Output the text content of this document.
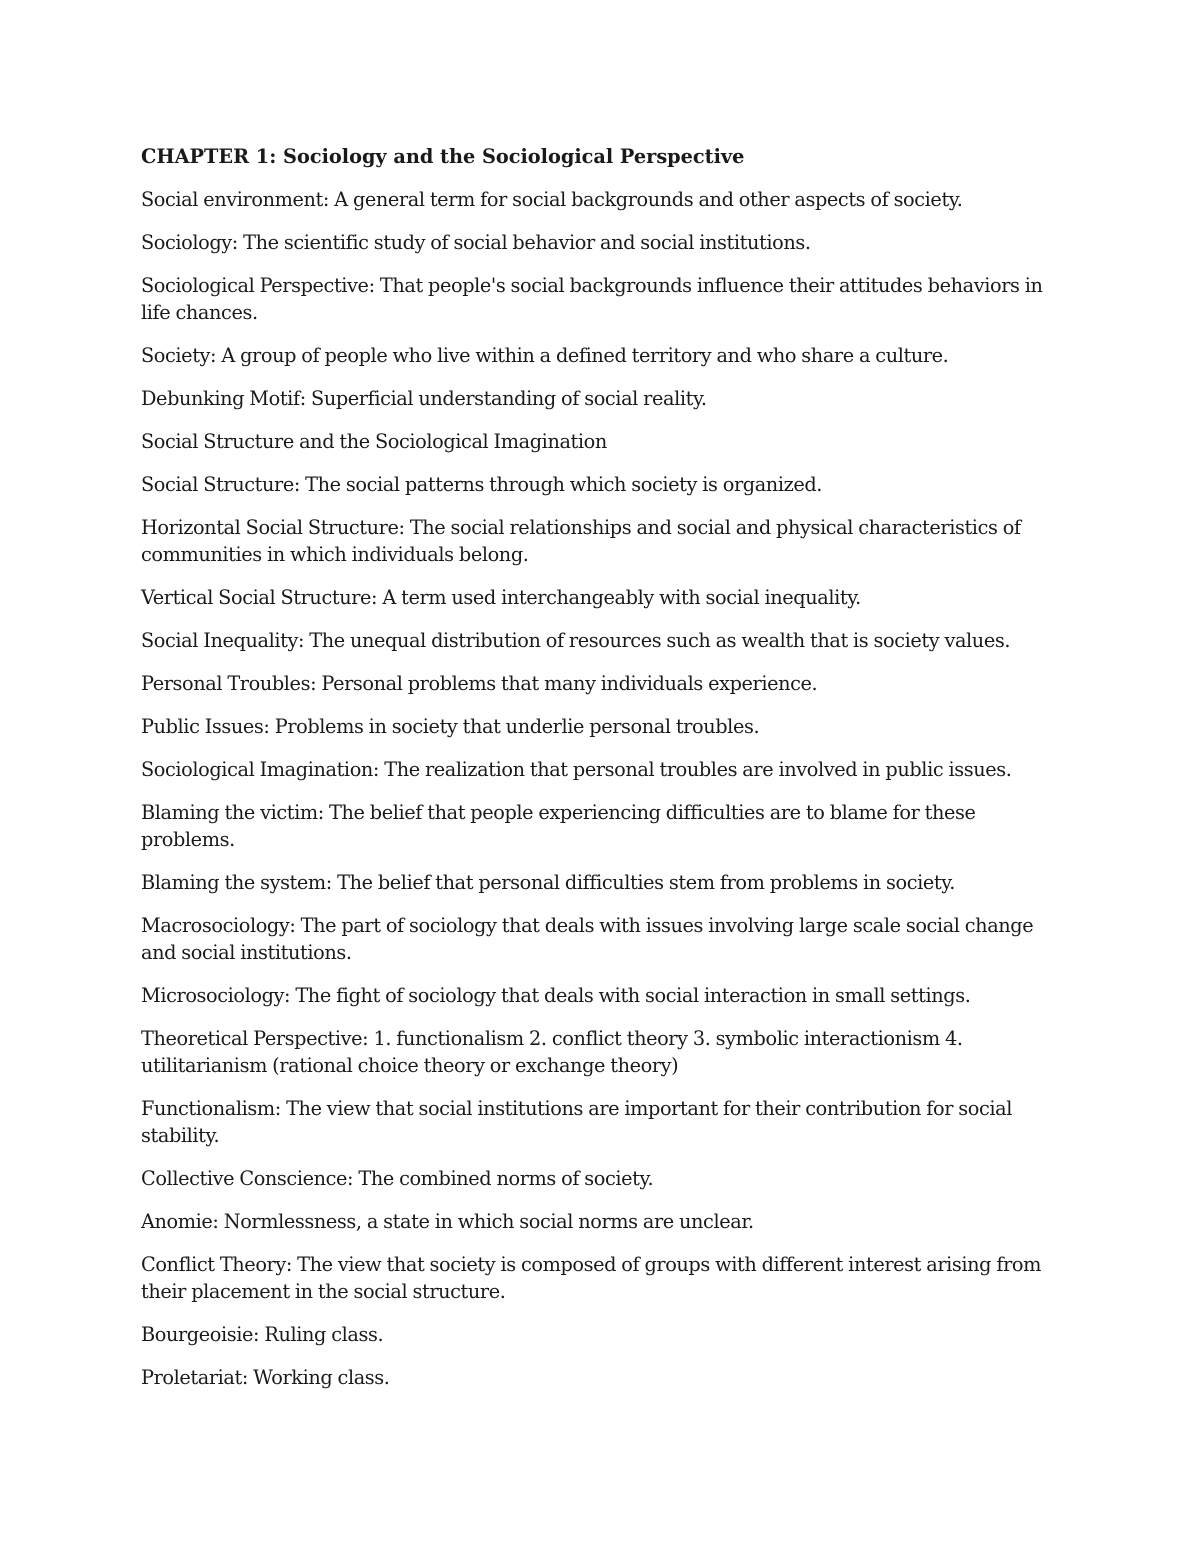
CHAPTER 1: Sociology and the Sociological Perspective
Social environment: A general term for social backgrounds and other aspects of society.
Sociology: The scientific study of social behavior and social institutions.
Sociological Perspective: That people's social backgrounds influence their attitudes behaviors in life chances.
Society: A group of people who live within a defined territory and who share a culture.
Debunking Motif: Superficial understanding of social reality.
Social Structure and the Sociological Imagination
Social Structure: The social patterns through which society is organized.
Horizontal Social Structure: The social relationships and social and physical characteristics of communities in which individuals belong.
Vertical Social Structure: A term used interchangeably with social inequality.
Social Inequality: The unequal distribution of resources such as wealth that is society values.
Personal Troubles: Personal problems that many individuals experience.
Public Issues: Problems in society that underlie personal troubles.
Sociological Imagination: The realization that personal troubles are involved in public issues.
Blaming the victim: The belief that people experiencing difficulties are to blame for these problems.
Blaming the system: The belief that personal difficulties stem from problems in society.
Macrosociology: The part of sociology that deals with issues involving large scale social change and social institutions.
Microsociology: The fight of sociology that deals with social interaction in small settings.
Theoretical Perspective: 1. functionalism 2. conflict theory 3. symbolic interactionism 4. utilitarianism (rational choice theory or exchange theory)
Functionalism: The view that social institutions are important for their contribution for social stability.
Collective Conscience: The combined norms of society.
Anomie: Normlessness, a state in which social norms are unclear.
Conflict Theory: The view that society is composed of groups with different interest arising from their placement in the social structure.
Bourgeoisie: Ruling class.
Proletariat: Working class.
